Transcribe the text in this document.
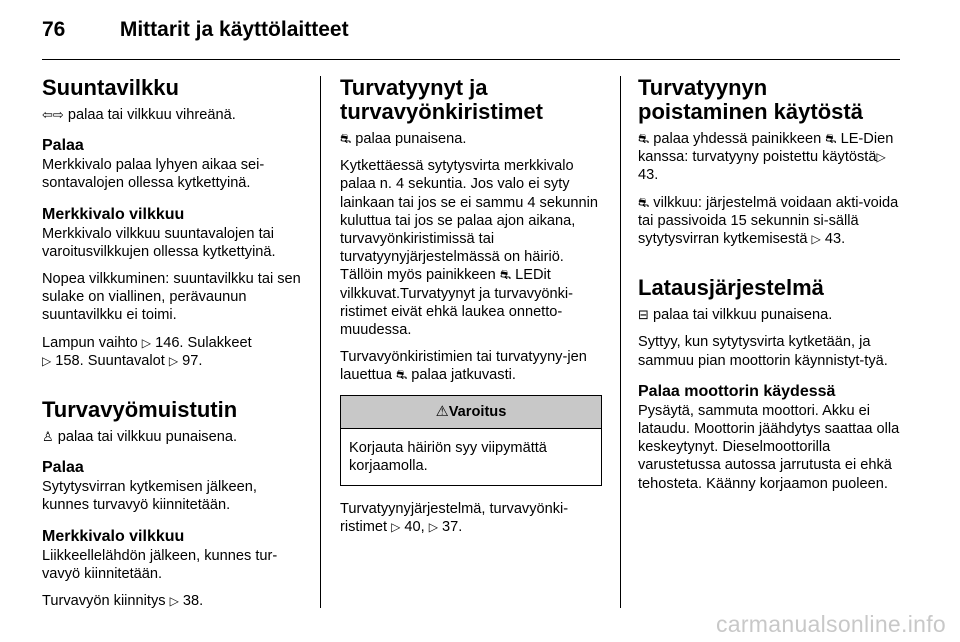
76	Mittarit ja käyttölaitteet
Suuntavilkku

⇦⇨ palaa tai vilkkuu vihreänä.

Palaa

Merkkivalo palaa lyhyen aikaa sei-sontavalojen ollessa kytkettyinä.

Merkkivalo vilkkuu

Merkkivalo vilkkuu suuntavalojen tai varoitusvilkkujen ollessa kytkettyinä.

Nopea vilkkuminen: suuntavilkku tai sen sulake on viallinen, perävaunun suuntavilkku ei toimi.

Lampun vaihto ▷ 146. Sulakkeet
▷ 158. Suuntavalot ▷ 97.

Turvavyömuistutin

♙ palaa tai vilkkuu punaisena.

Palaa

Sytytysvirran kytkemisen jälkeen, kunnes turvavyö kiinnitetään.

Merkkivalo vilkkuu

Liikkeellelähdön jälkeen, kunnes tur-vavyö kiinnitetään.

Turvavyön kiinnitys ▷ 38.

Turvatyynyt ja turvavyönkiristimet

⛐ palaa punaisena.

Kytkettäessä sytytysvirta merkkivalo palaa n. 4 sekuntia. Jos valo ei syty lainkaan tai jos se ei sammu 4 sekunnin kuluttua tai jos se palaa ajon aikana, turvavyönkiristimissä tai turvatyynyjärjestelmässä on häiriö. Tällöin myös painikkeen ⛐ LEDit vilkkuvat.Turvatyynyt ja turvavyönki-ristimet eivät ehkä laukea onnetto-muudessa.

Turvavyönkiristimien tai turvatyyny-jen lauettua ⛐ palaa jatkuvasti.

⚠Varoitus
Korjauta häiriön syy viipymättä korjaamolla.

Turvatyynyjärjestelmä, turvavyönki-ristimet ▷ 40, ▷ 37.

Turvatyynyn poistaminen käytöstä

⛐ palaa yhdessä painikkeen ⛐ LE-Dien kanssa: turvatyyny poistettu käytöstä▷ 43.

⛐ vilkkuu: järjestelmä voidaan akti-voida tai passivoida 15 sekunnin si-sällä sytytysvirran kytkemisestä ▷ 43.

Latausjärjestelmä

⊟ palaa tai vilkkuu punaisena.

Syttyy, kun sytytysvirta kytketään, ja sammuu pian moottorin käynnistyt-tyä.

Palaa moottorin käydessä

Pysäytä, sammuta moottori. Akku ei lataudu. Moottorin jäähdytys saattaa olla keskeytynyt. Dieselmoottorilla varustetussa autossa jarrutusta ei ehkä tehosteta. Käänny korjaamon puoleen.

carmanualsonline.info
